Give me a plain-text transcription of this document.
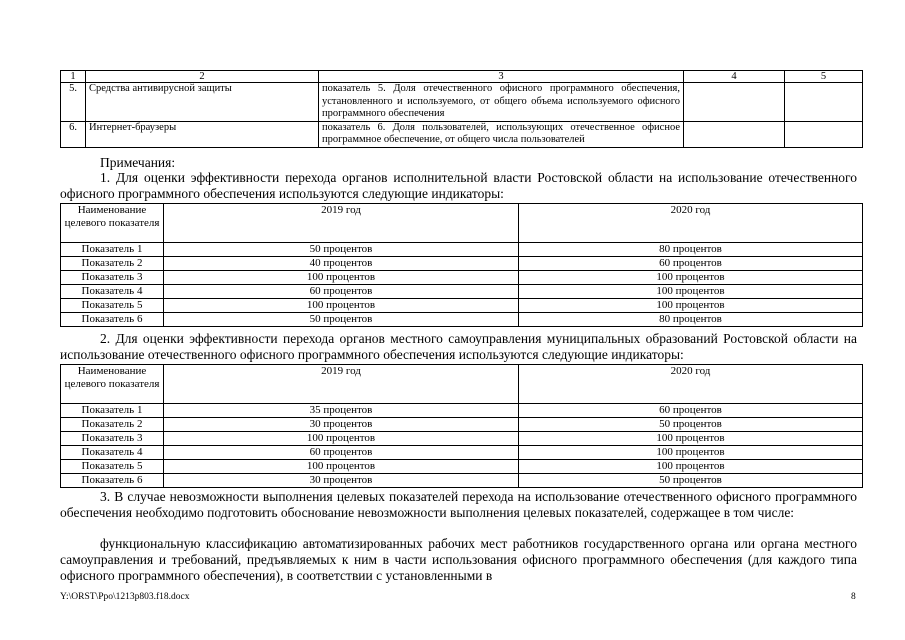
1	2	3	4	5
5.	Средства антивирусной защиты	показатель 5. Доля отечественного офисного программного обеспечения, установленного и используемого, от общего объема используемого офисного программного обеспечения		
6.	Интернет-браузеры	показатель 6. Доля пользователей, использующих отечественное офисное программное обеспечение, от общего числа пользователей		
Примечания:

1. Для оценки эффективности перехода органов исполнительной власти Ростовской области на использование отечественного офисного программного обеспечения используются следующие индикаторы:

Наименование целевого показателя	2019 год	2020 год
Показатель 1	50 процентов	80 процентов
Показатель 2	40 процентов	60 процентов
Показатель 3	100 процентов	100 процентов
Показатель 4	60 процентов	100 процентов
Показатель 5	100 процентов	100 процентов
Показатель 6	50 процентов	80 процентов

2. Для оценки эффективности перехода органов местного самоуправления муниципальных образований Ростовской области на использование отечественного офисного программного обеспечения используются следующие индикаторы:

Наименование целевого показателя	2019 год	2020 год
Показатель 1	35 процентов	60 процентов
Показатель 2	30 процентов	50 процентов
Показатель 3	100 процентов	100 процентов
Показатель 4	60 процентов	100 процентов
Показатель 5	100 процентов	100 процентов
Показатель 6	30 процентов	50 процентов

3. В случае невозможности выполнения целевых показателей перехода на использование отечественного офисного программного обеспечения необходимо подготовить обоснование невозможности выполнения целевых показателей, содержащее в том числе:

функциональную классификацию автоматизированных рабочих мест работников государственного органа или органа местного самоуправления и требований, предъявляемых к ним в части использования офисного программного обеспечения (для каждого типа офисного программного обеспечения), в соответствии с установленными в

Y:\ORST\Ppo\1213p803.f18.docx	8
